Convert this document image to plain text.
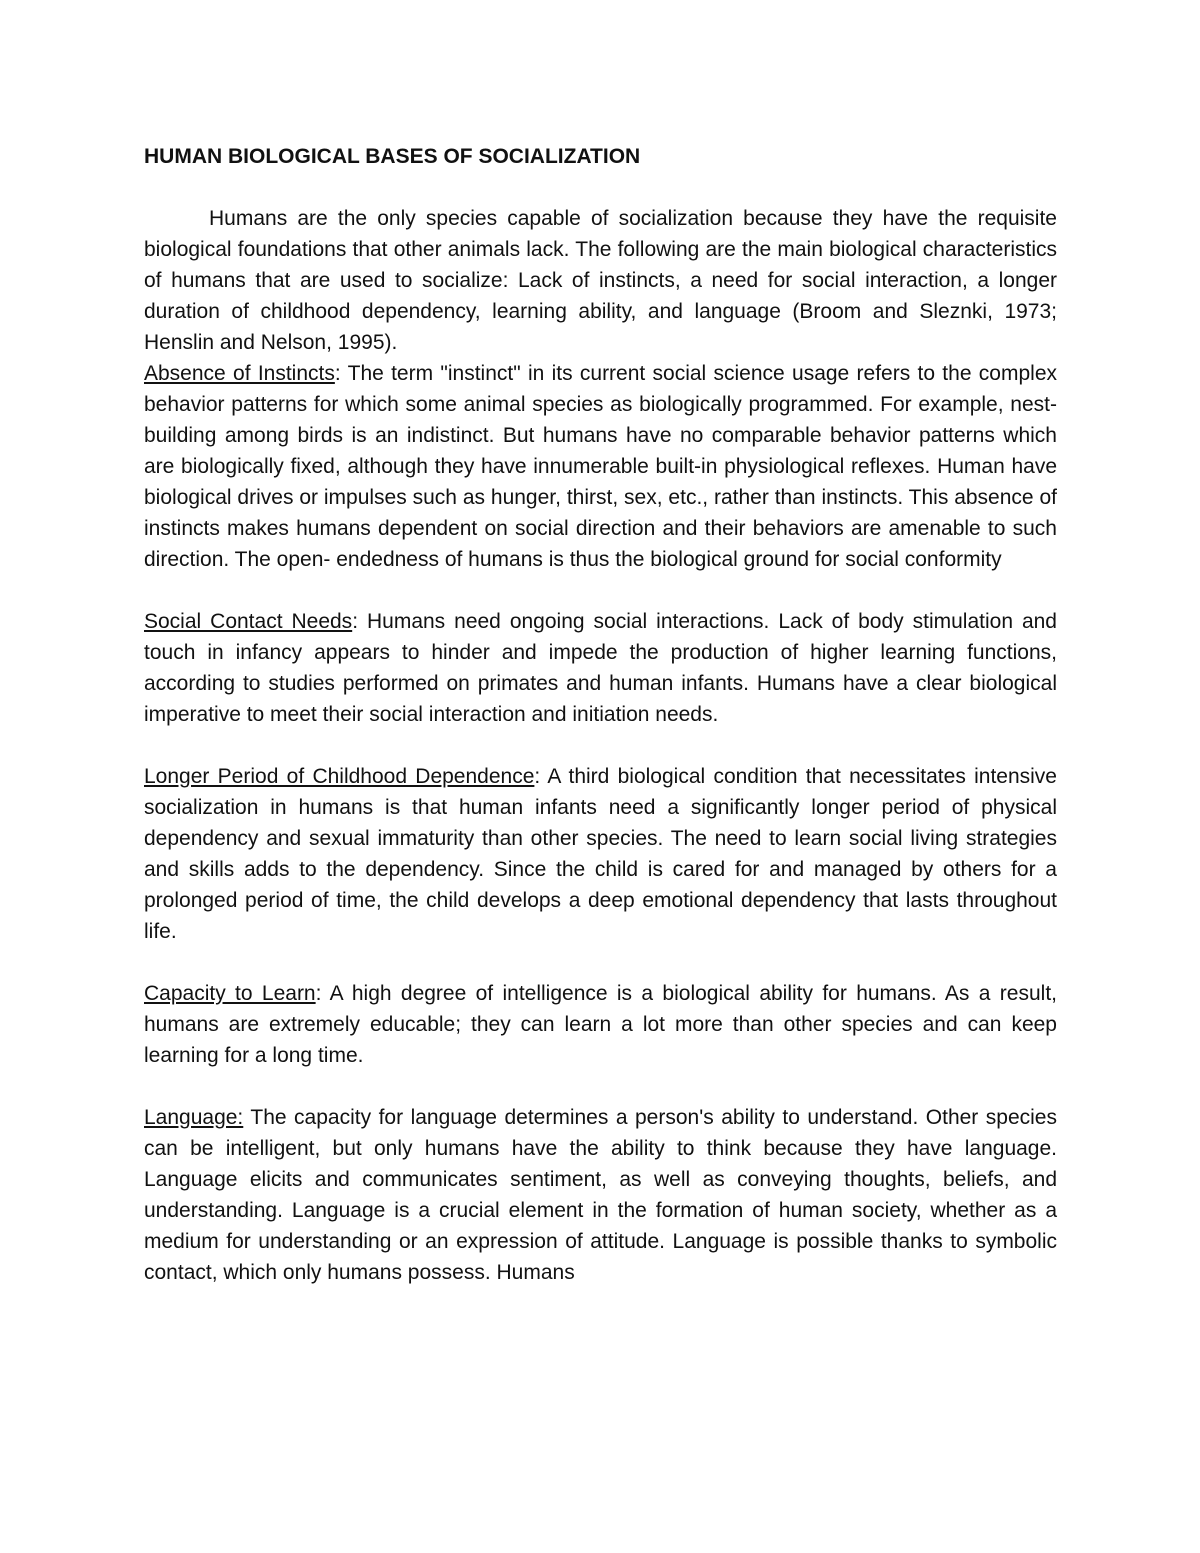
HUMAN BIOLOGICAL BASES OF SOCIALIZATION

Humans are the only species capable of socialization because they have the requisite biological foundations that other animals lack. The following are the main biological characteristics of humans that are used to socialize: Lack of instincts, a need for social interaction, a longer duration of childhood dependency, learning ability, and language (Broom and Sleznki, 1973; Henslin and Nelson, 1995).

Absence of Instincts: The term "instinct" in its current social science usage refers to the complex behavior patterns for which some animal species as biologically programmed. For example, nest-building among birds is an indistinct. But humans have no comparable behavior patterns which are biologically fixed, although they have innumerable built-in physiological reflexes. Human have biological drives or impulses such as hunger, thirst, sex, etc., rather than instincts. This absence of instincts makes humans dependent on social direction and their behaviors are amenable to such direction. The open- endedness of humans is thus the biological ground for social conformity

Social Contact Needs: Humans need ongoing social interactions. Lack of body stimulation and touch in infancy appears to hinder and impede the production of higher learning functions, according to studies performed on primates and human infants. Humans have a clear biological imperative to meet their social interaction and initiation needs.

Longer Period of Childhood Dependence: A third biological condition that necessitates intensive socialization in humans is that human infants need a significantly longer period of physical dependency and sexual immaturity than other species. The need to learn social living strategies and skills adds to the dependency. Since the child is cared for and managed by others for a prolonged period of time, the child develops a deep emotional dependency that lasts throughout life.

Capacity to Learn: A high degree of intelligence is a biological ability for humans. As a result, humans are extremely educable; they can learn a lot more than other species and can keep learning for a long time.

Language: The capacity for language determines a person's ability to understand. Other species can be intelligent, but only humans have the ability to think because they have language. Language elicits and communicates sentiment, as well as conveying thoughts, beliefs, and understanding. Language is a crucial element in the formation of human society, whether as a medium for understanding or an expression of attitude. Language is possible thanks to symbolic contact, which only humans possess. Humans
